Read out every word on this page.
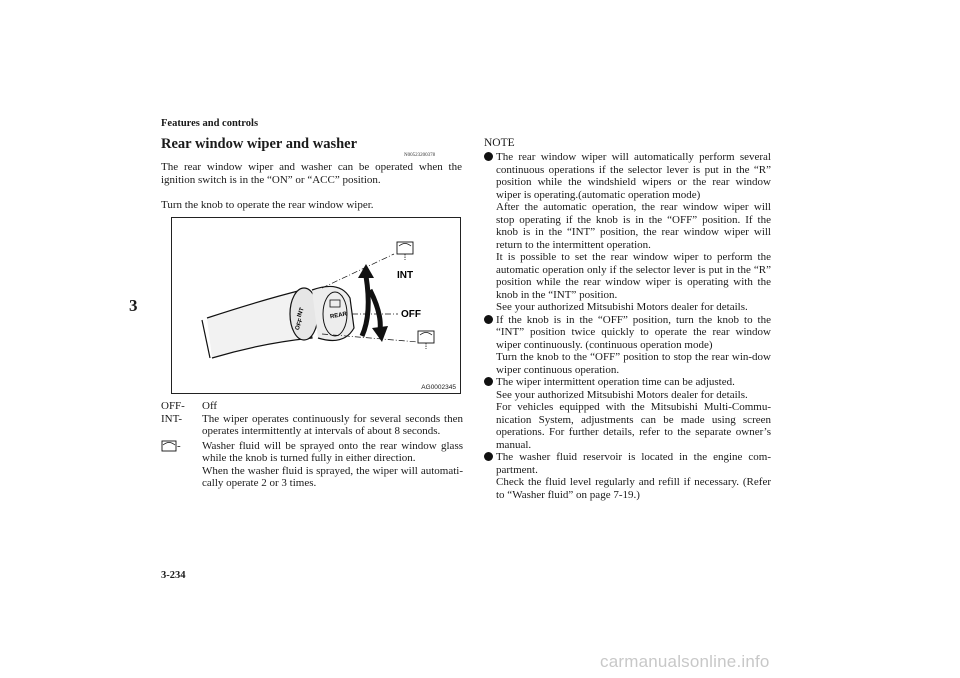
Features and controls
3
Rear window wiper and washer
N00523200378
The rear window wiper and washer can be operated when the ignition switch is in the “ON” or “ACC” position.
Turn the knob to operate the rear window wiper.
INT
OFF
REAR
INT
OFF
AG0002345
OFF-	Off
INT-	The wiper operates continuously for several seconds then operates intermittently at intervals of about 8 seconds.
-	Washer fluid will be sprayed onto the rear window glass while the knob is turned fully in either direction.
When the washer fluid is sprayed, the wiper will automati-cally operate 2 or 3 times.
NOTE
The rear window wiper will automatically perform several continuous operations if the selector lever is put in the “R” position while the windshield wipers or the rear window wiper is operating.(automatic operation mode)
After the automatic operation, the rear window wiper will stop operating if the knob is in the “OFF” position. If the knob is in the “INT” position, the rear window wiper will return to the intermittent operation.
It is possible to set the rear window wiper to perform the automatic operation only if the selector lever is put in the “R” position while the rear window wiper is operating with the knob in the “INT” position.
See your authorized Mitsubishi Motors dealer for details.
If the knob is in the “OFF” position, turn the knob to the “INT” position twice quickly to operate the rear window wiper continuously. (continuous operation mode)
Turn the knob to the “OFF” position to stop the rear win-dow wiper continuous operation.
The wiper intermittent operation time can be adjusted.
See your authorized Mitsubishi Motors dealer for details.
For vehicles equipped with the Mitsubishi Multi-Commu-nication System, adjustments can be made using screen operations. For further details, refer to the separate owner’s manual.
The washer fluid reservoir is located in the engine com-partment.
Check the fluid level regularly and refill if necessary. (Refer to “Washer fluid” on page 7-19.)
3-234
carmanualsonline.info
